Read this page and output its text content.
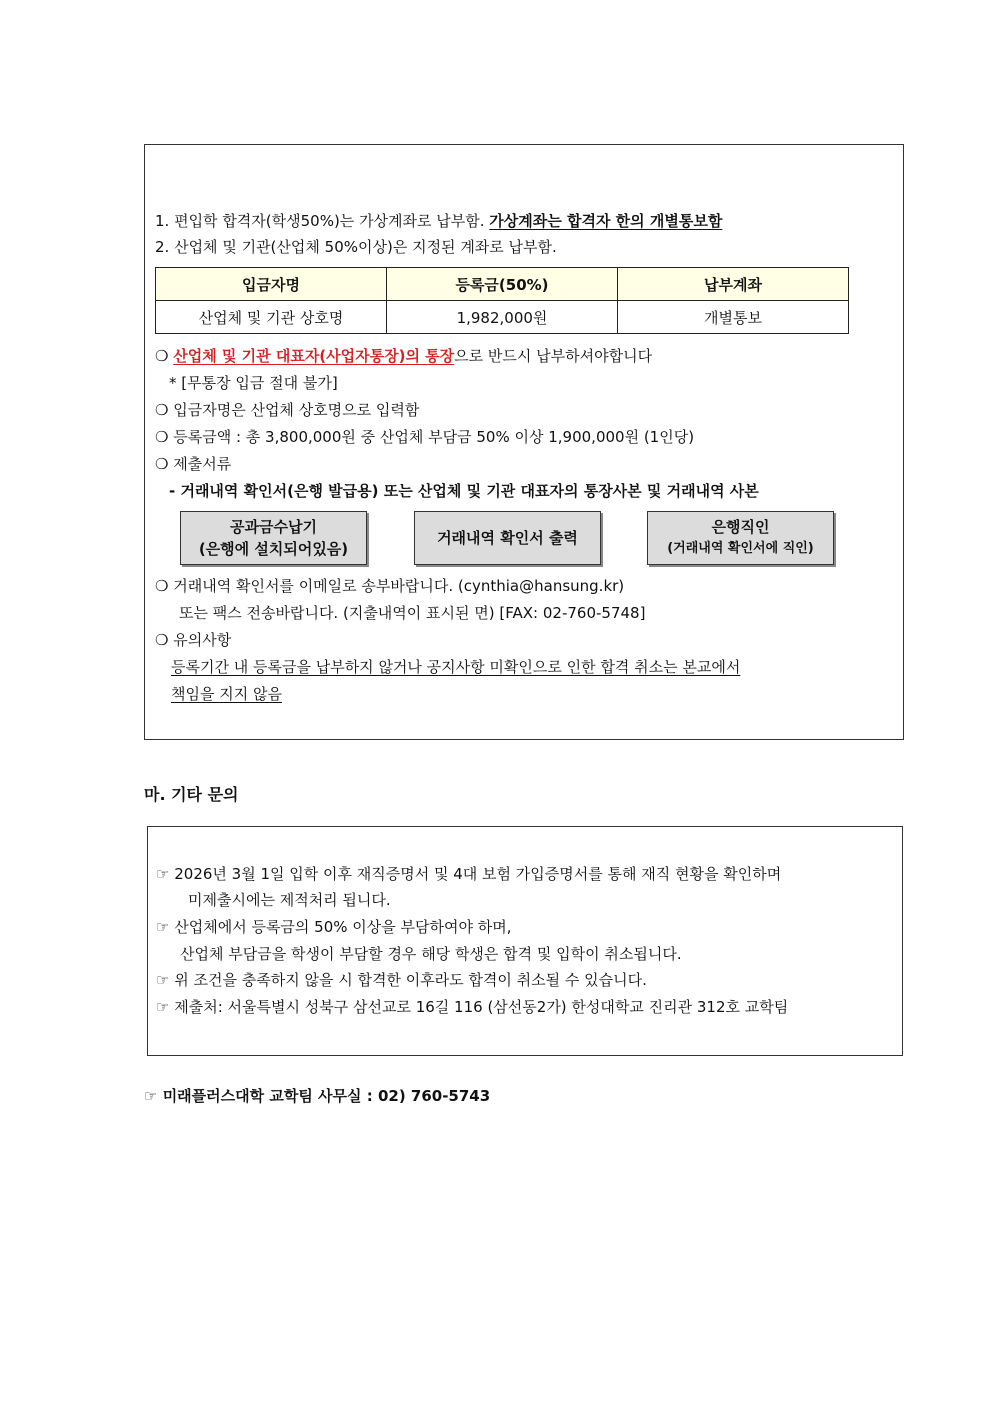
1. 편입학 합격자(학생50%)는 가상계좌로 납부함. 가상계좌는 합격자 한의 개별통보함
2. 산업체 및 기관(산업체 50%이상)은 지정된 계좌로 납부함.
입금자명	등록금(50%)	납부계좌
산업체 및 기관 상호명	1,982,000원	개별통보
❍ 산업체 및 기관 대표자(사업자통장)의 통장으로 반드시 납부하셔야합니다
* [무통장 입금 절대 불가]
❍ 입금자명은 산업체 상호명으로 입력함
❍ 등록금액 : 총 3,800,000원 중 산업체 부담금 50% 이상 1,900,000원 (1인당)
❍ 제출서류
- 거래내역 확인서(은행 발급용) 또는 산업체 및 기관 대표자의 통장사본 및 거래내역 사본
공과금수납기
(은행에 설치되어있음)
거래내역 확인서 출력
은행직인
(거래내역 확인서에 직인)
❍ 거래내역 확인서를 이메일로 송부바랍니다. (cynthia@hansung.kr)
또는 팩스 전송바랍니다. (지출내역이 표시된 면) [FAX: 02-760-5748]
❍ 유의사항
등록기간 내 등록금을 납부하지 않거나 공지사항 미확인으로 인한 합격 취소는 본교에서
책임을 지지 않음
마. 기타 문의
☞ 2026년 3월 1일 입학 이후 재직증명서 및 4대 보험 가입증명서를 통해 재직 현황을 확인하며
미제출시에는 제적처리 됩니다.
☞ 산업체에서 등록금의 50% 이상을 부담하여야 하며,
산업체 부담금을 학생이 부담할 경우 해당 학생은 합격 및 입학이 취소됩니다.
☞ 위 조건을 충족하지 않을 시 합격한 이후라도 합격이 취소될 수 있습니다.
☞ 제출처: 서울특별시 성북구 삼선교로 16길 116 (삼선동2가) 한성대학교 진리관 312호 교학팀
☞ 미래플러스대학 교학팀 사무실 : 02) 760-5743
